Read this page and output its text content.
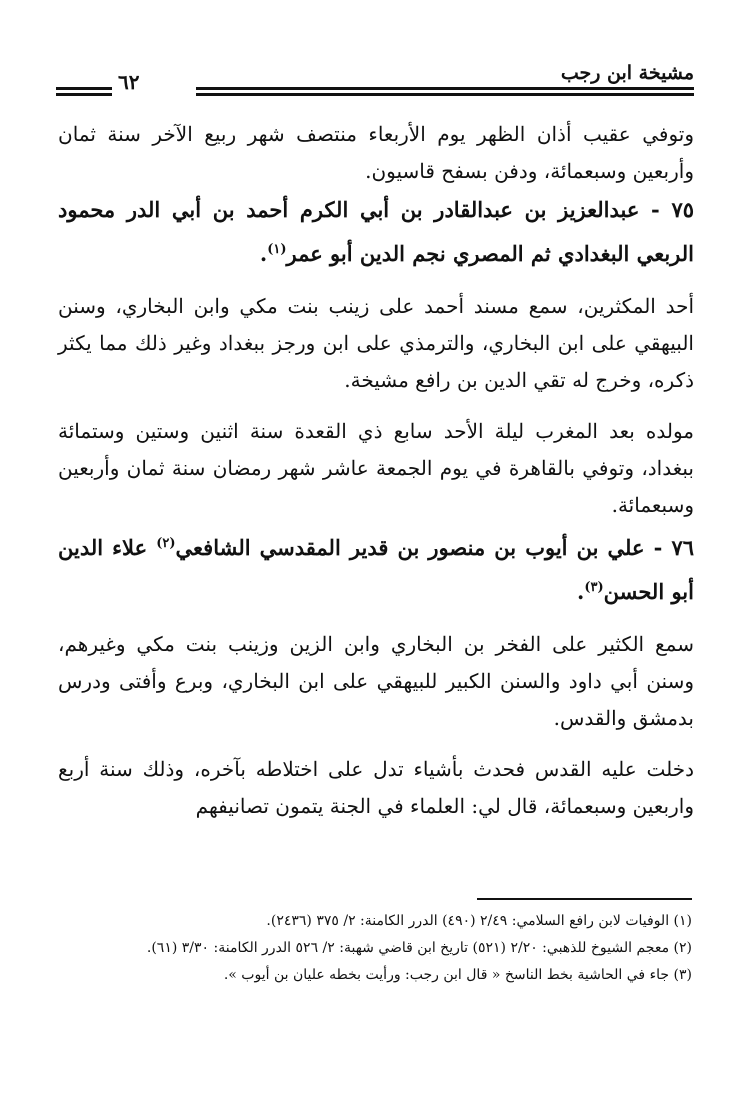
مشيخة ابن رجب
٦٢

وتوفي عقيب أذان الظهر يوم الأربعاء منتصف شهر ربيع الآخر سنة ثمان وأربعين وسبعمائة، ودفن بسفح قاسيون.

٧٥ - عبدالعزيز بن عبدالقادر بن أبي الكرم أحمد بن أبي الدر محمود الربعي البغدادي ثم المصري نجم الدين أبو عمر$^{(١)}$.

أحد المكثرين، سمع مسند أحمد على زينب بنت مكي وابن البخاري، وسنن البيهقي على ابن البخاري، والترمذي على ابن ورجز ببغداد وغير ذلك مما يكثر ذكره، وخرج له تقي الدين بن رافع مشيخة.

مولده بعد المغرب ليلة الأحد سابع ذي القعدة سنة اثنين وستين وستمائة ببغداد، وتوفي بالقاهرة في يوم الجمعة عاشر شهر رمضان سنة ثمان وأربعين وسبعمائة.

٧٦ - علي بن أيوب بن منصور بن قدير المقدسي الشافعي$^{(٢)}$ علاء الدين أبو الحسن$^{(٣)}$.

سمع الكثير على الفخر بن البخاري وابن الزين وزينب بنت مكي وغيرهم، وسنن أبي داود والسنن الكبير للبيهقي على ابن البخاري، وبرع وأفتى ودرس بدمشق والقدس.

دخلت عليه القدس فحدث بأشياء تدل على اختلاطه بآخره، وذلك سنة أربع واربعين وسبعمائة، قال لي: العلماء في الجنة يتمون تصانيفهم

(١) الوفيات لابن رافع السلامي: ٢/٤٩ (٤٩٠) الدرر الكامنة: ٢/ ٣٧٥ (٢٤٣٦).

(٢) معجم الشيوخ للذهبي: ٢/٢٠ (٥٢١) تاريخ ابن قاضي شهبة: ٢/ ٥٢٦ الدرر الكامنة: ٣/٣٠ (٦١).

(٣) جاء في الحاشية بخط الناسخ « قال ابن رجب: ورأيت بخطه عليان بن أيوب ».
